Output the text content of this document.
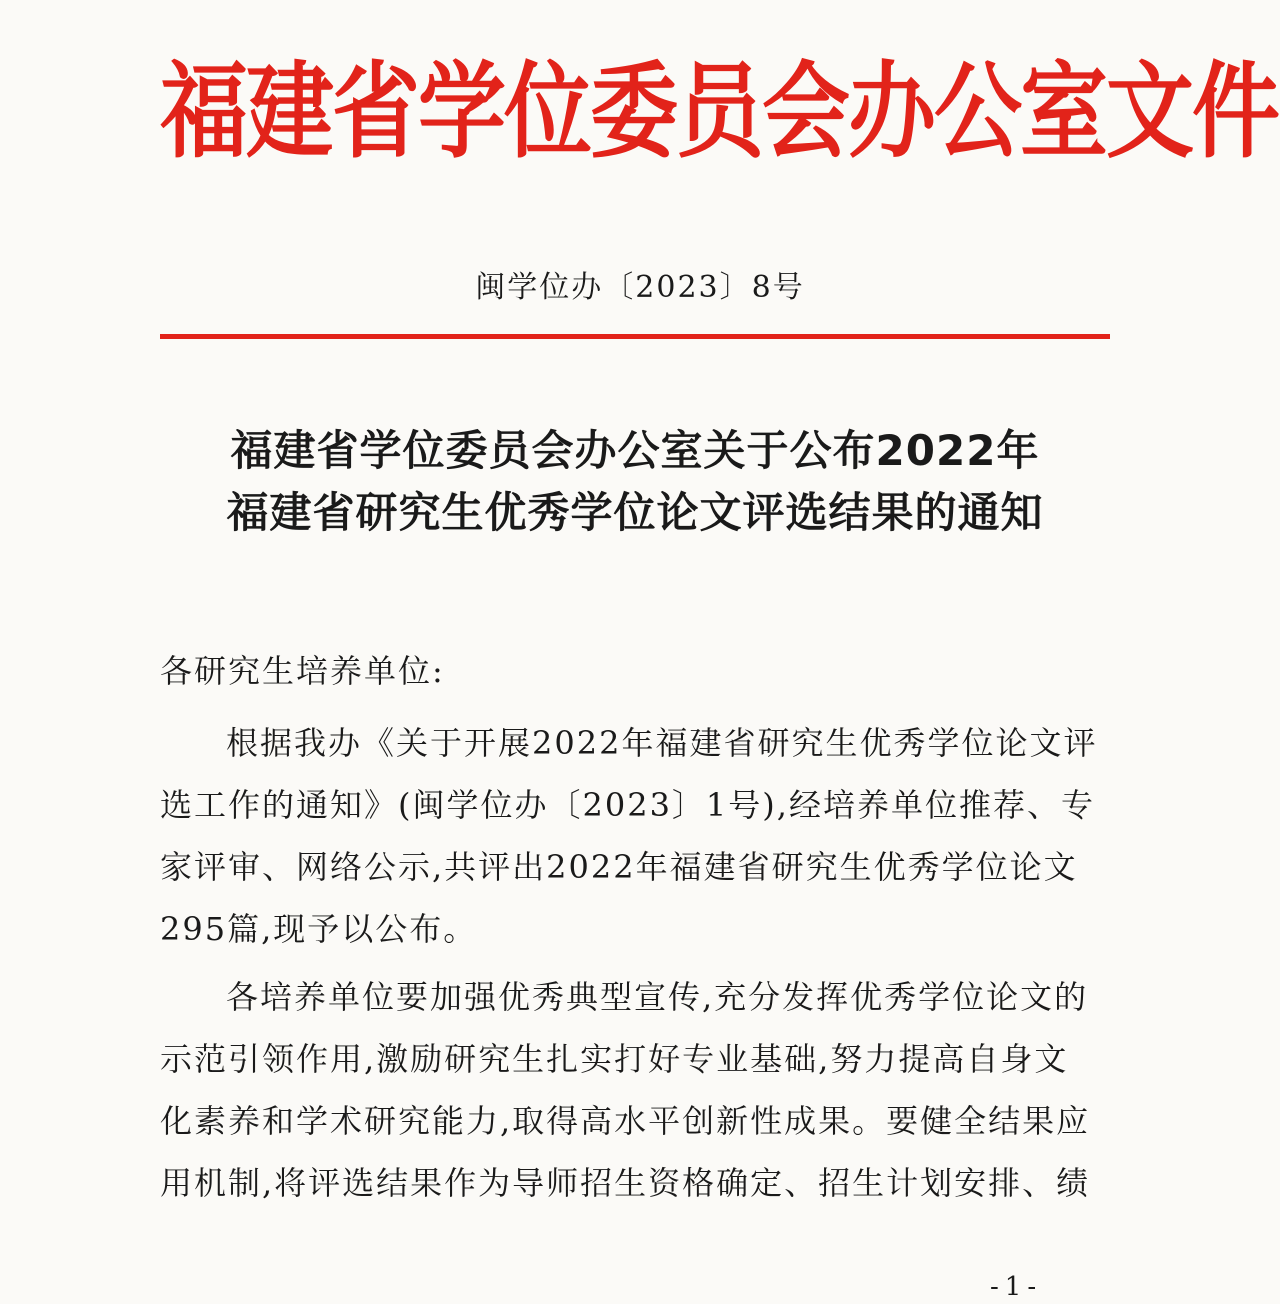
福建省学位委员会办公室文件
闽学位办〔2023〕8号
福建省学位委员会办公室关于公布2022年
福建省研究生优秀学位论文评选结果的通知
各研究生培养单位:
根据我办《关于开展2022年福建省研究生优秀学位论文评
选工作的通知》(闽学位办〔2023〕1号),经培养单位推荐、专
家评审、网络公示,共评出2022年福建省研究生优秀学位论文
295篇,现予以公布。
各培养单位要加强优秀典型宣传,充分发挥优秀学位论文的
示范引领作用,激励研究生扎实打好专业基础,努力提高自身文
化素养和学术研究能力,取得高水平创新性成果。要健全结果应
用机制,将评选结果作为导师招生资格确定、招生计划安排、绩
-1-
